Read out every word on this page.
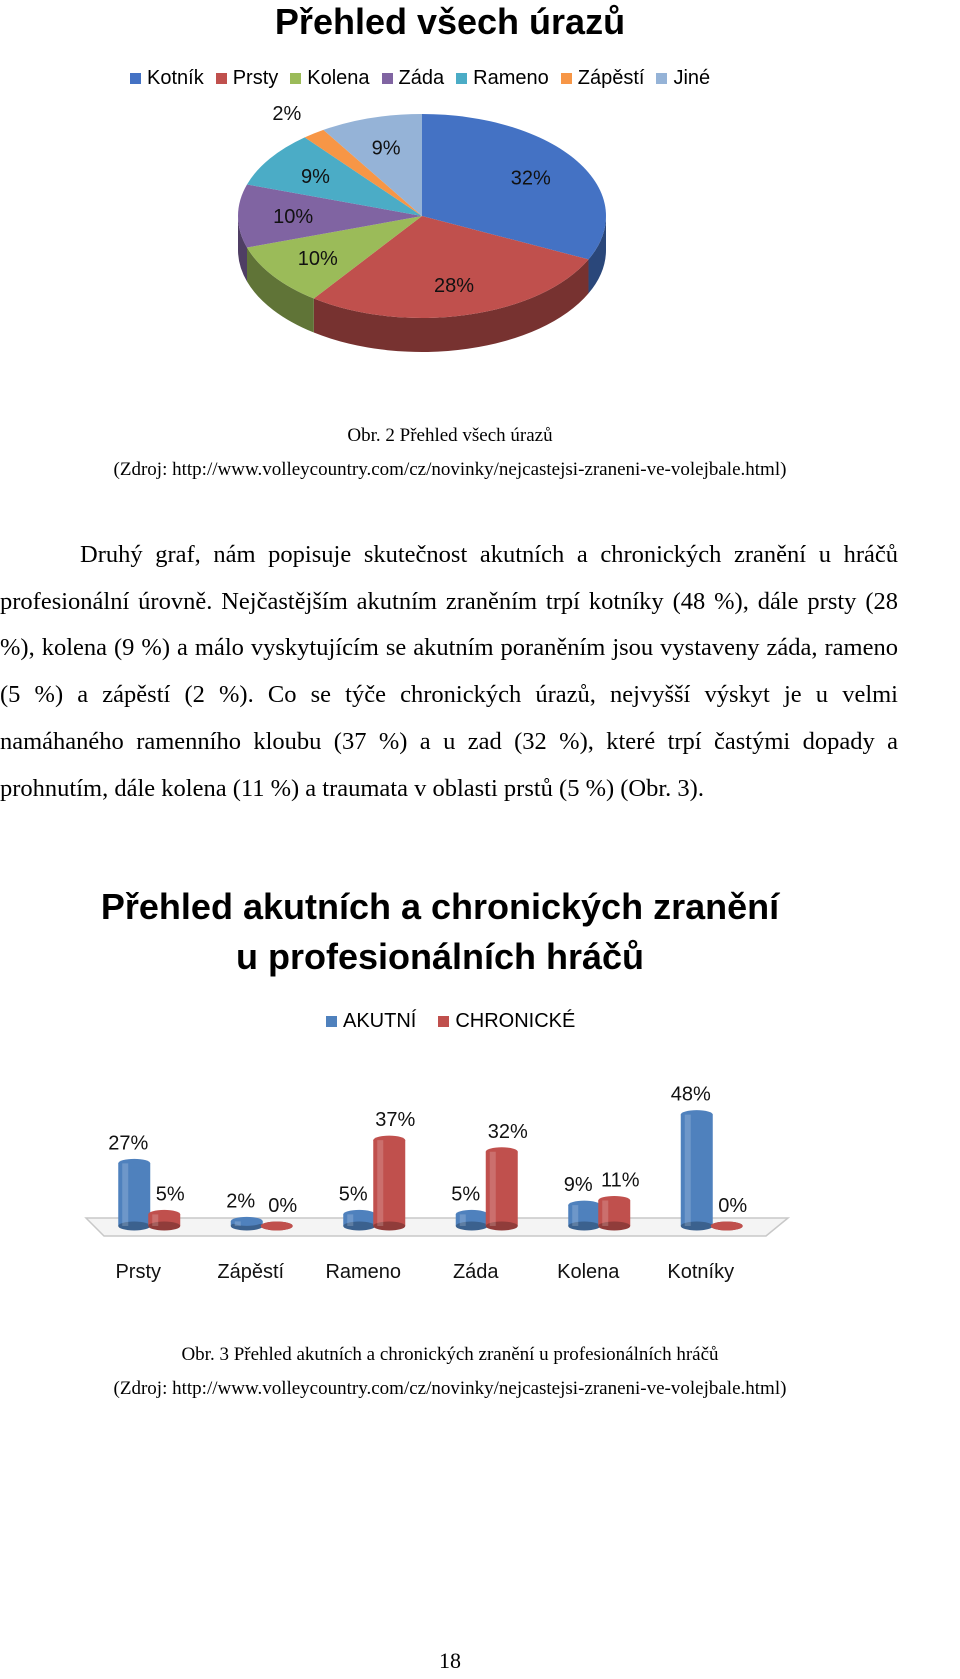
Přehled všech úrazů
Kotník Prsty Kolena Záda Rameno Zápěstí Jiné
32%
28%
10%
10%
9%
2%
9%
Obr. 2 Přehled všech úrazů
(Zdroj: http://www.volleycountry.com/cz/novinky/nejcastejsi-zraneni-ve-volejbale.html)

Druhý graf, nám popisuje skutečnost akutních a chronických zranění u hráčů profesionální úrovně. Nejčastějším akutním zraněním trpí kotníky (48 %), dále prsty (28 %), kolena (9 %) a málo vyskytujícím se akutním poraněním jsou vystaveny záda, rameno (5 %) a zápěstí (2 %). Co se týče chronických úrazů, nejvyšší výskyt je u velmi namáhaného ramenního kloubu (37 %) a u zad (32 %), které trpí častými dopady a prohnutím, dále kolena (11 %) a traumata v oblasti prstů (5 %) (Obr. 3).

Přehled akutních a chronických zranění
u profesionálních hráčů
AKUTNÍ CHRONICKÉ
27%
5% 2% 0%
5%
37%
5%
32%
9% 11%
48%
0%
Prsty	Zápěstí Rameno	Záda	Kolena Kotníky
Obr. 3 Přehled akutních a chronických zranění u profesionálních hráčů
(Zdroj: http://www.volleycountry.com/cz/novinky/nejcastejsi-zraneni-ve-volejbale.html)
18
